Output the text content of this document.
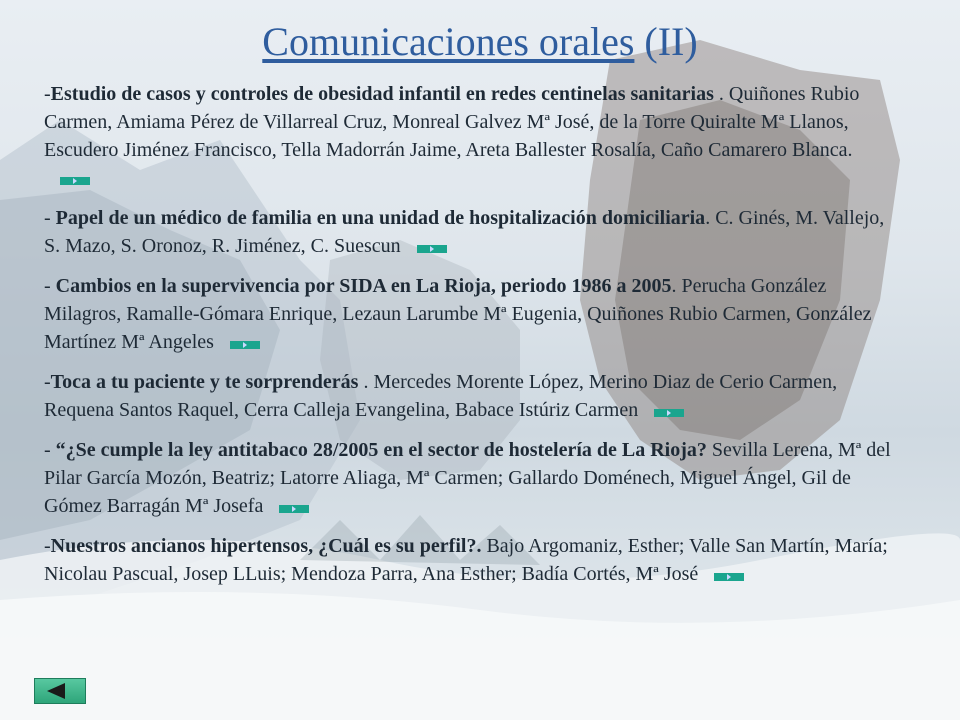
Comunicaciones orales (II)
-Estudio de casos y controles de obesidad infantil en redes centinelas sanitarias . Quiñones Rubio Carmen, Amiama Pérez de Villarreal Cruz, Monreal Galvez Mª José, de la Torre Quiralte Mª Llanos, Escudero Jiménez Francisco, Tella Madorrán Jaime, Areta Ballester Rosalía, Caño Camarero Blanca.
- Papel de un médico de familia en una unidad de hospitalización domiciliaria. C. Ginés, M. Vallejo, S. Mazo, S. Oronoz, R. Jiménez, C. Suescun
- Cambios en la supervivencia por SIDA en La Rioja, periodo 1986 a 2005. Perucha González Milagros, Ramalle-Gómara Enrique, Lezaun Larumbe Mª Eugenia, Quiñones Rubio Carmen, González Martínez Mª Angeles
-Toca a tu paciente y te sorprenderás . Mercedes Morente López, Merino Diaz de Cerio Carmen, Requena Santos Raquel, Cerra Calleja Evangelina, Babace Istúriz Carmen
- “¿Se cumple la ley antitabaco 28/2005 en el sector de hostelería de La Rioja? Sevilla Lerena, Mª del Pilar García Mozón, Beatriz; Latorre Aliaga, Mª Carmen; Gallardo Doménech, Miguel Ángel, Gil de Gómez Barragán Mª Josefa
-Nuestros ancianos hipertensos, ¿Cuál es su perfil?. Bajo Argomaniz, Esther; Valle San Martín, María; Nicolau Pascual, Josep LLuis; Mendoza Parra, Ana Esther; Badía Cortés, Mª José
